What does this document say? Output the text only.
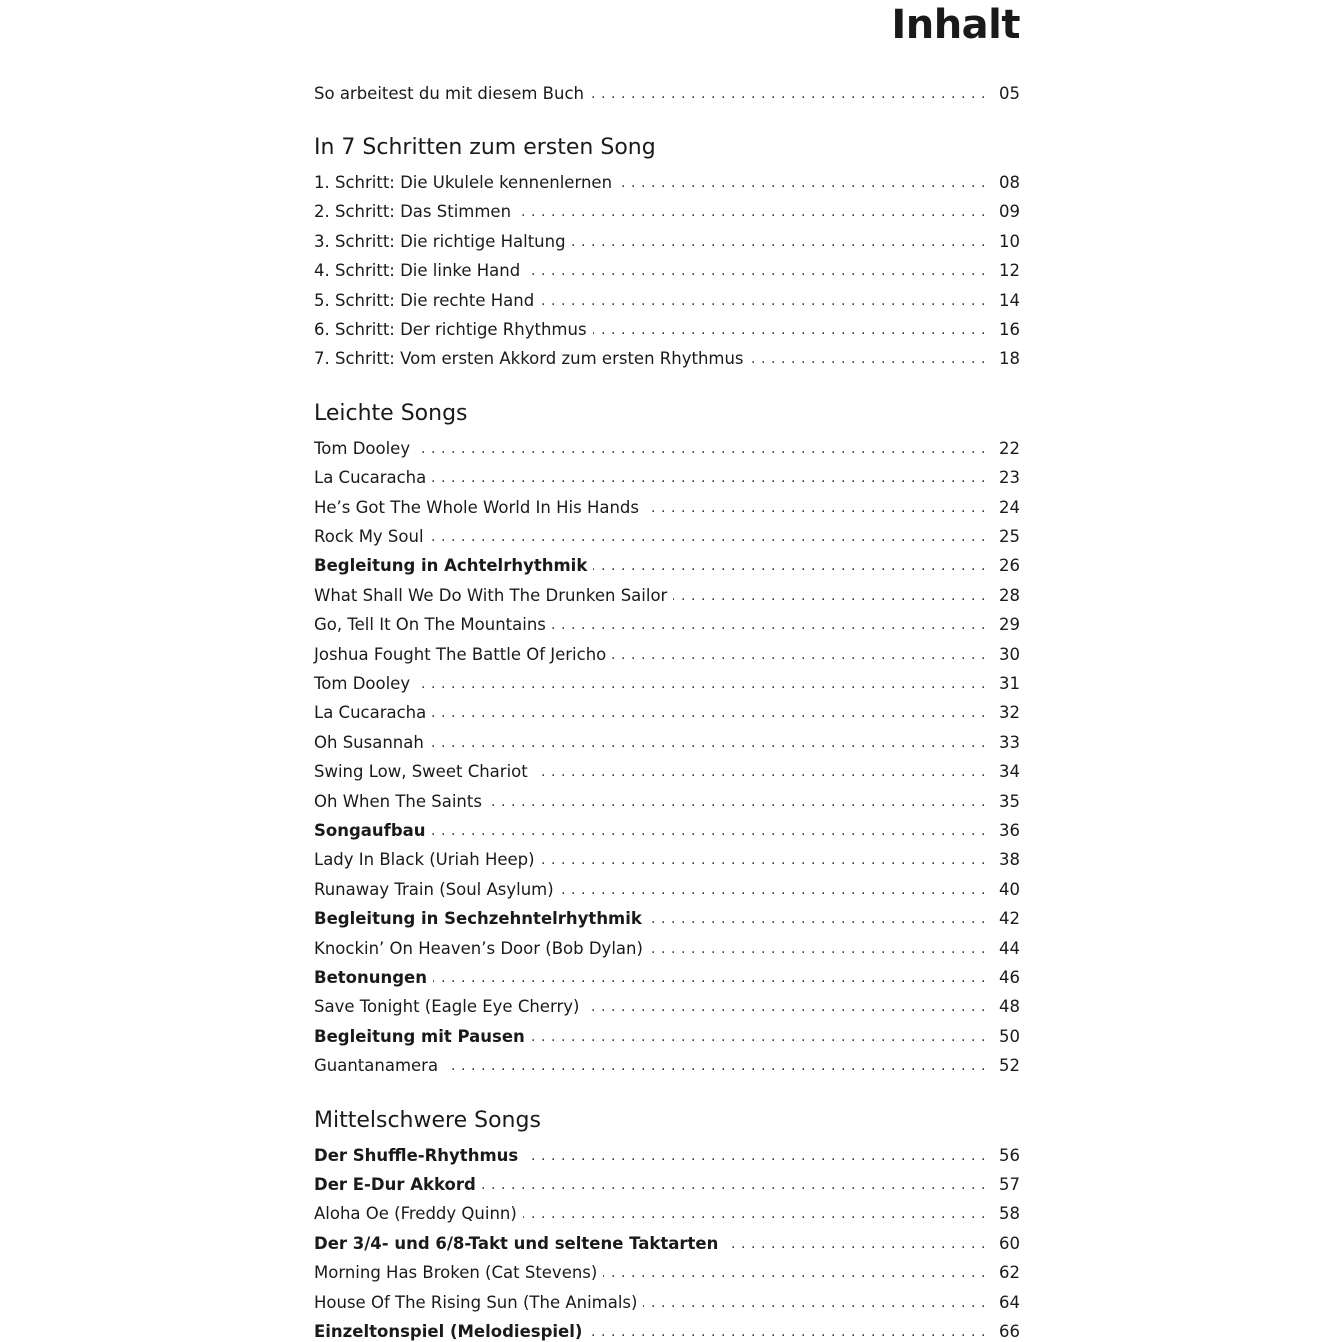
Inhalt
So arbeitest du mit diesem Buch . . .	05
In 7 Schritten zum ersten Song
1. Schritt: Die Ukulele kennenlernen . . .	08
2. Schritt: Das Stimmen . . .	09
3. Schritt: Die richtige Haltung . . .	10
4. Schritt: Die linke Hand . . .	12
5. Schritt: Die rechte Hand . . .	14
6. Schritt: Der richtige Rhythmus . . .	16
7. Schritt: Vom ersten Akkord zum ersten Rhythmus . . .	18
Leichte Songs
Tom Dooley . . .	22
La Cucaracha . . .	23
He’s Got The Whole World In His Hands . . .	24
Rock My Soul . . .	25
Begleitung in Achtelrhythmik . . .	26
What Shall We Do With The Drunken Sailor . . .	28
Go, Tell It On The Mountains . . .	29
Joshua Fought The Battle Of Jericho . . .	30
Tom Dooley . . .	31
La Cucaracha . . .	32
Oh Susannah . . .	33
Swing Low, Sweet Chariot . . .	34
Oh When The Saints . . .	35
Songaufbau . . .	36
Lady In Black (Uriah Heep) . . .	38
Runaway Train (Soul Asylum) . . .	40
Begleitung in Sechzehntelrhythmik . . .	42
Knockin’ On Heaven’s Door (Bob Dylan) . . .	44
Betonungen . . .	46
Save Tonight (Eagle Eye Cherry) . . .	48
Begleitung mit Pausen . . .	50
Guantanamera . . .	52
Mittelschwere Songs
Der Shuffle-Rhythmus . . .	56
Der E-Dur Akkord . . .	57
Aloha Oe (Freddy Quinn) . . .	58
Der 3/4- und 6/8-Takt und seltene Taktarten . . .	60
Morning Has Broken (Cat Stevens) . . .	62
House Of The Rising Sun (The Animals) . . .	64
Einzeltonspiel (Melodiespiel) . . .	66
